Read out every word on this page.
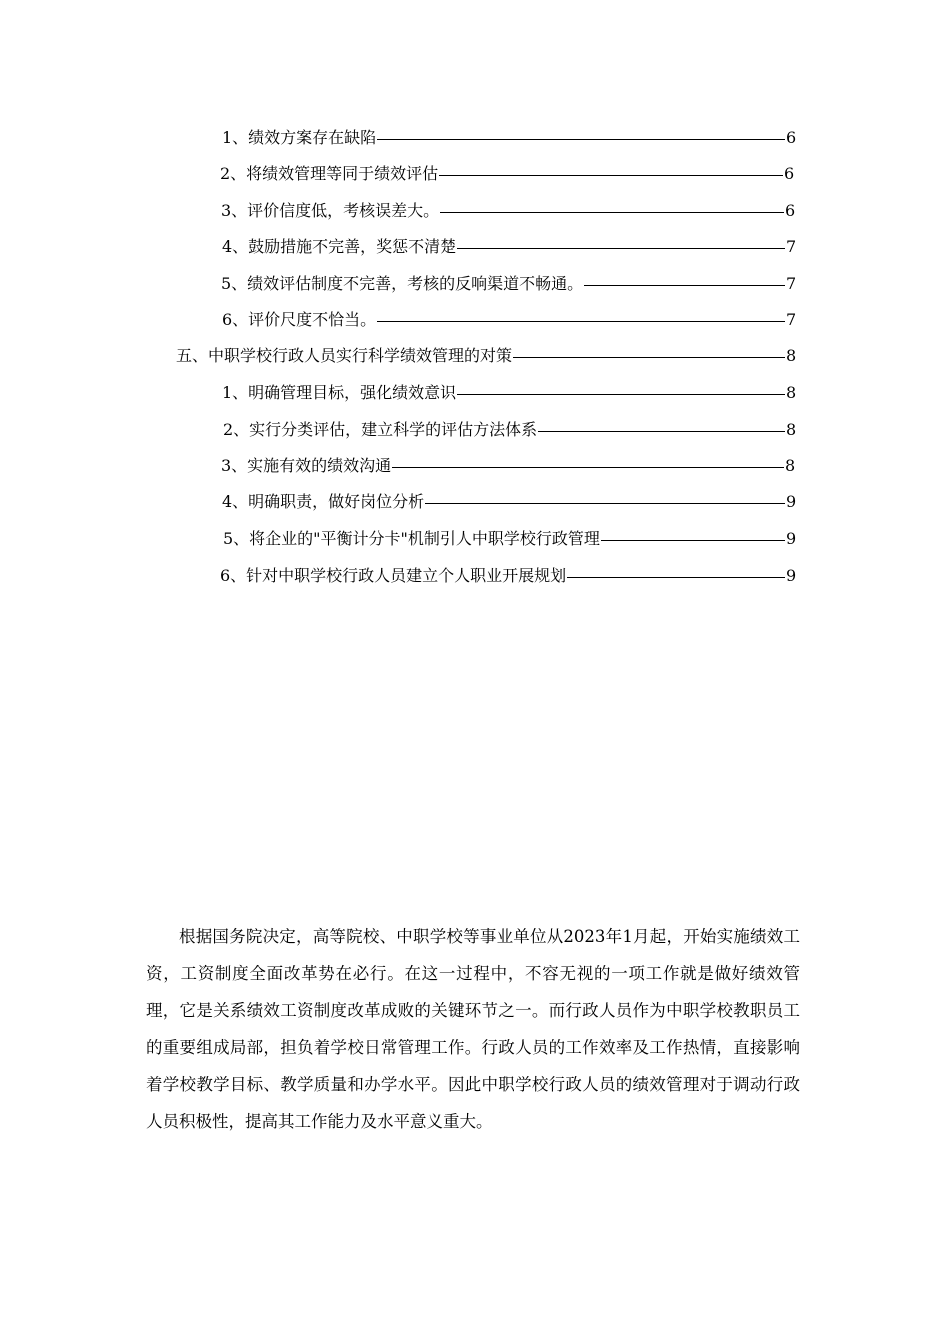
1、绩效方案存在缺陷	6
2、将绩效管理等同于绩效评估	6
3、评价信度低，考核误差大。	6
4、鼓励措施不完善，奖惩不清楚	7
5、绩效评估制度不完善，考核的反响渠道不畅通。	7
6、评价尺度不恰当。	7
五、中职学校行政人员实行科学绩效管理的对策	8
1、明确管理目标，强化绩效意识	8
2、实行分类评估，建立科学的评估方法体系	8
3、实施有效的绩效沟通	8
4、明确职责，做好岗位分析	9
5、将企业的"平衡计分卡"机制引人中职学校行政管理	9
6、针对中职学校行政人员建立个人职业开展规划	9

根据国务院决定，高等院校、中职学校等事业单位从2023年1月起，开始实施绩效工资，工资制度全面改革势在必行。在这一过程中，不容无视的一项工作就是做好绩效管理，它是关系绩效工资制度改革成败的关键环节之一。而行政人员作为中职学校教职员工的重要组成局部，担负着学校日常管理工作。行政人员的工作效率及工作热情，直接影响着学校教学目标、教学质量和办学水平。因此中职学校行政人员的绩效管理对于调动行政人员积极性，提高其工作能力及水平意义重大。
